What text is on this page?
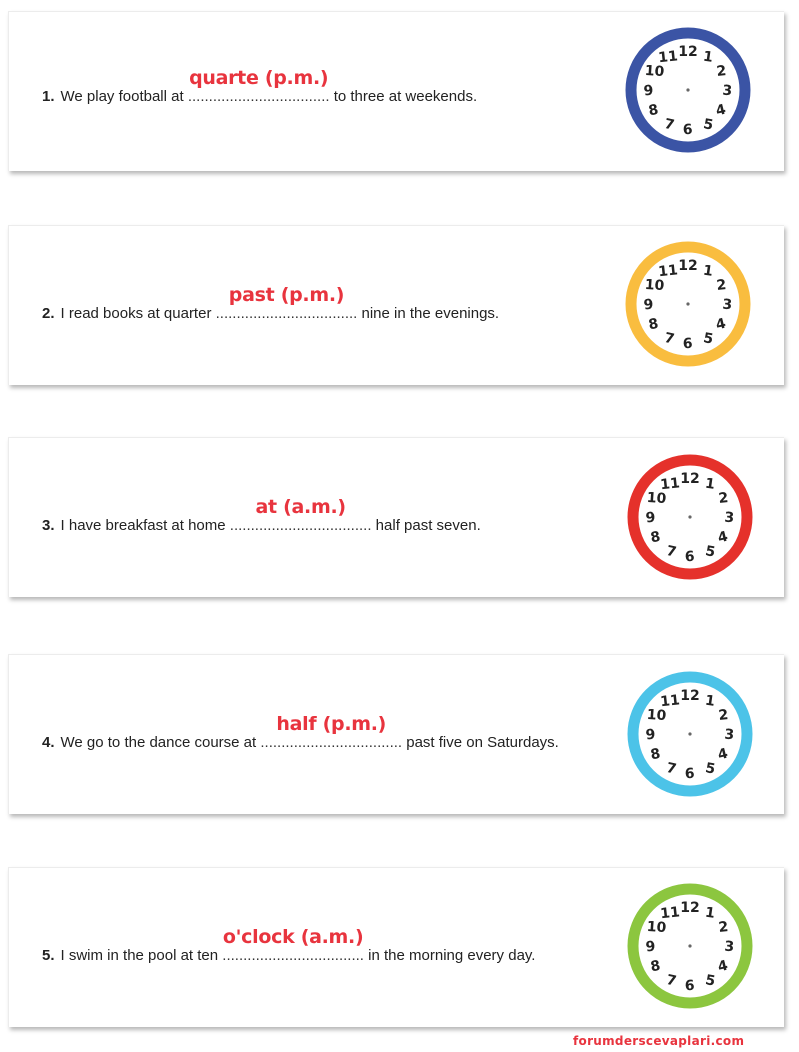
1. We play football at ..................................
quarte (p.m.)
to three at weekends.
12 1
2
3
4
5
6
7
8
9
10
11
2. I read books at quarter ..................................
past (p.m.)
nine in the evenings.
12 1
2
3
4
5
6
7
8
9
10
11
3. I have breakfast at home ..................................
at (a.m.)
half past seven.
12 1
2
3
4
5
6
7
8
9
10
11
4. We go to the dance course at ..................................
half (p.m.)
past five on Saturdays.
12 1
2
3
4
5
6
7
8
9
10
11
5. I swim in the pool at ten ..................................
o'clock (a.m.)
in the morning every day.
12 1
2
3
4
5
6
7
8
9
10
11
forumderscevaplari.com
